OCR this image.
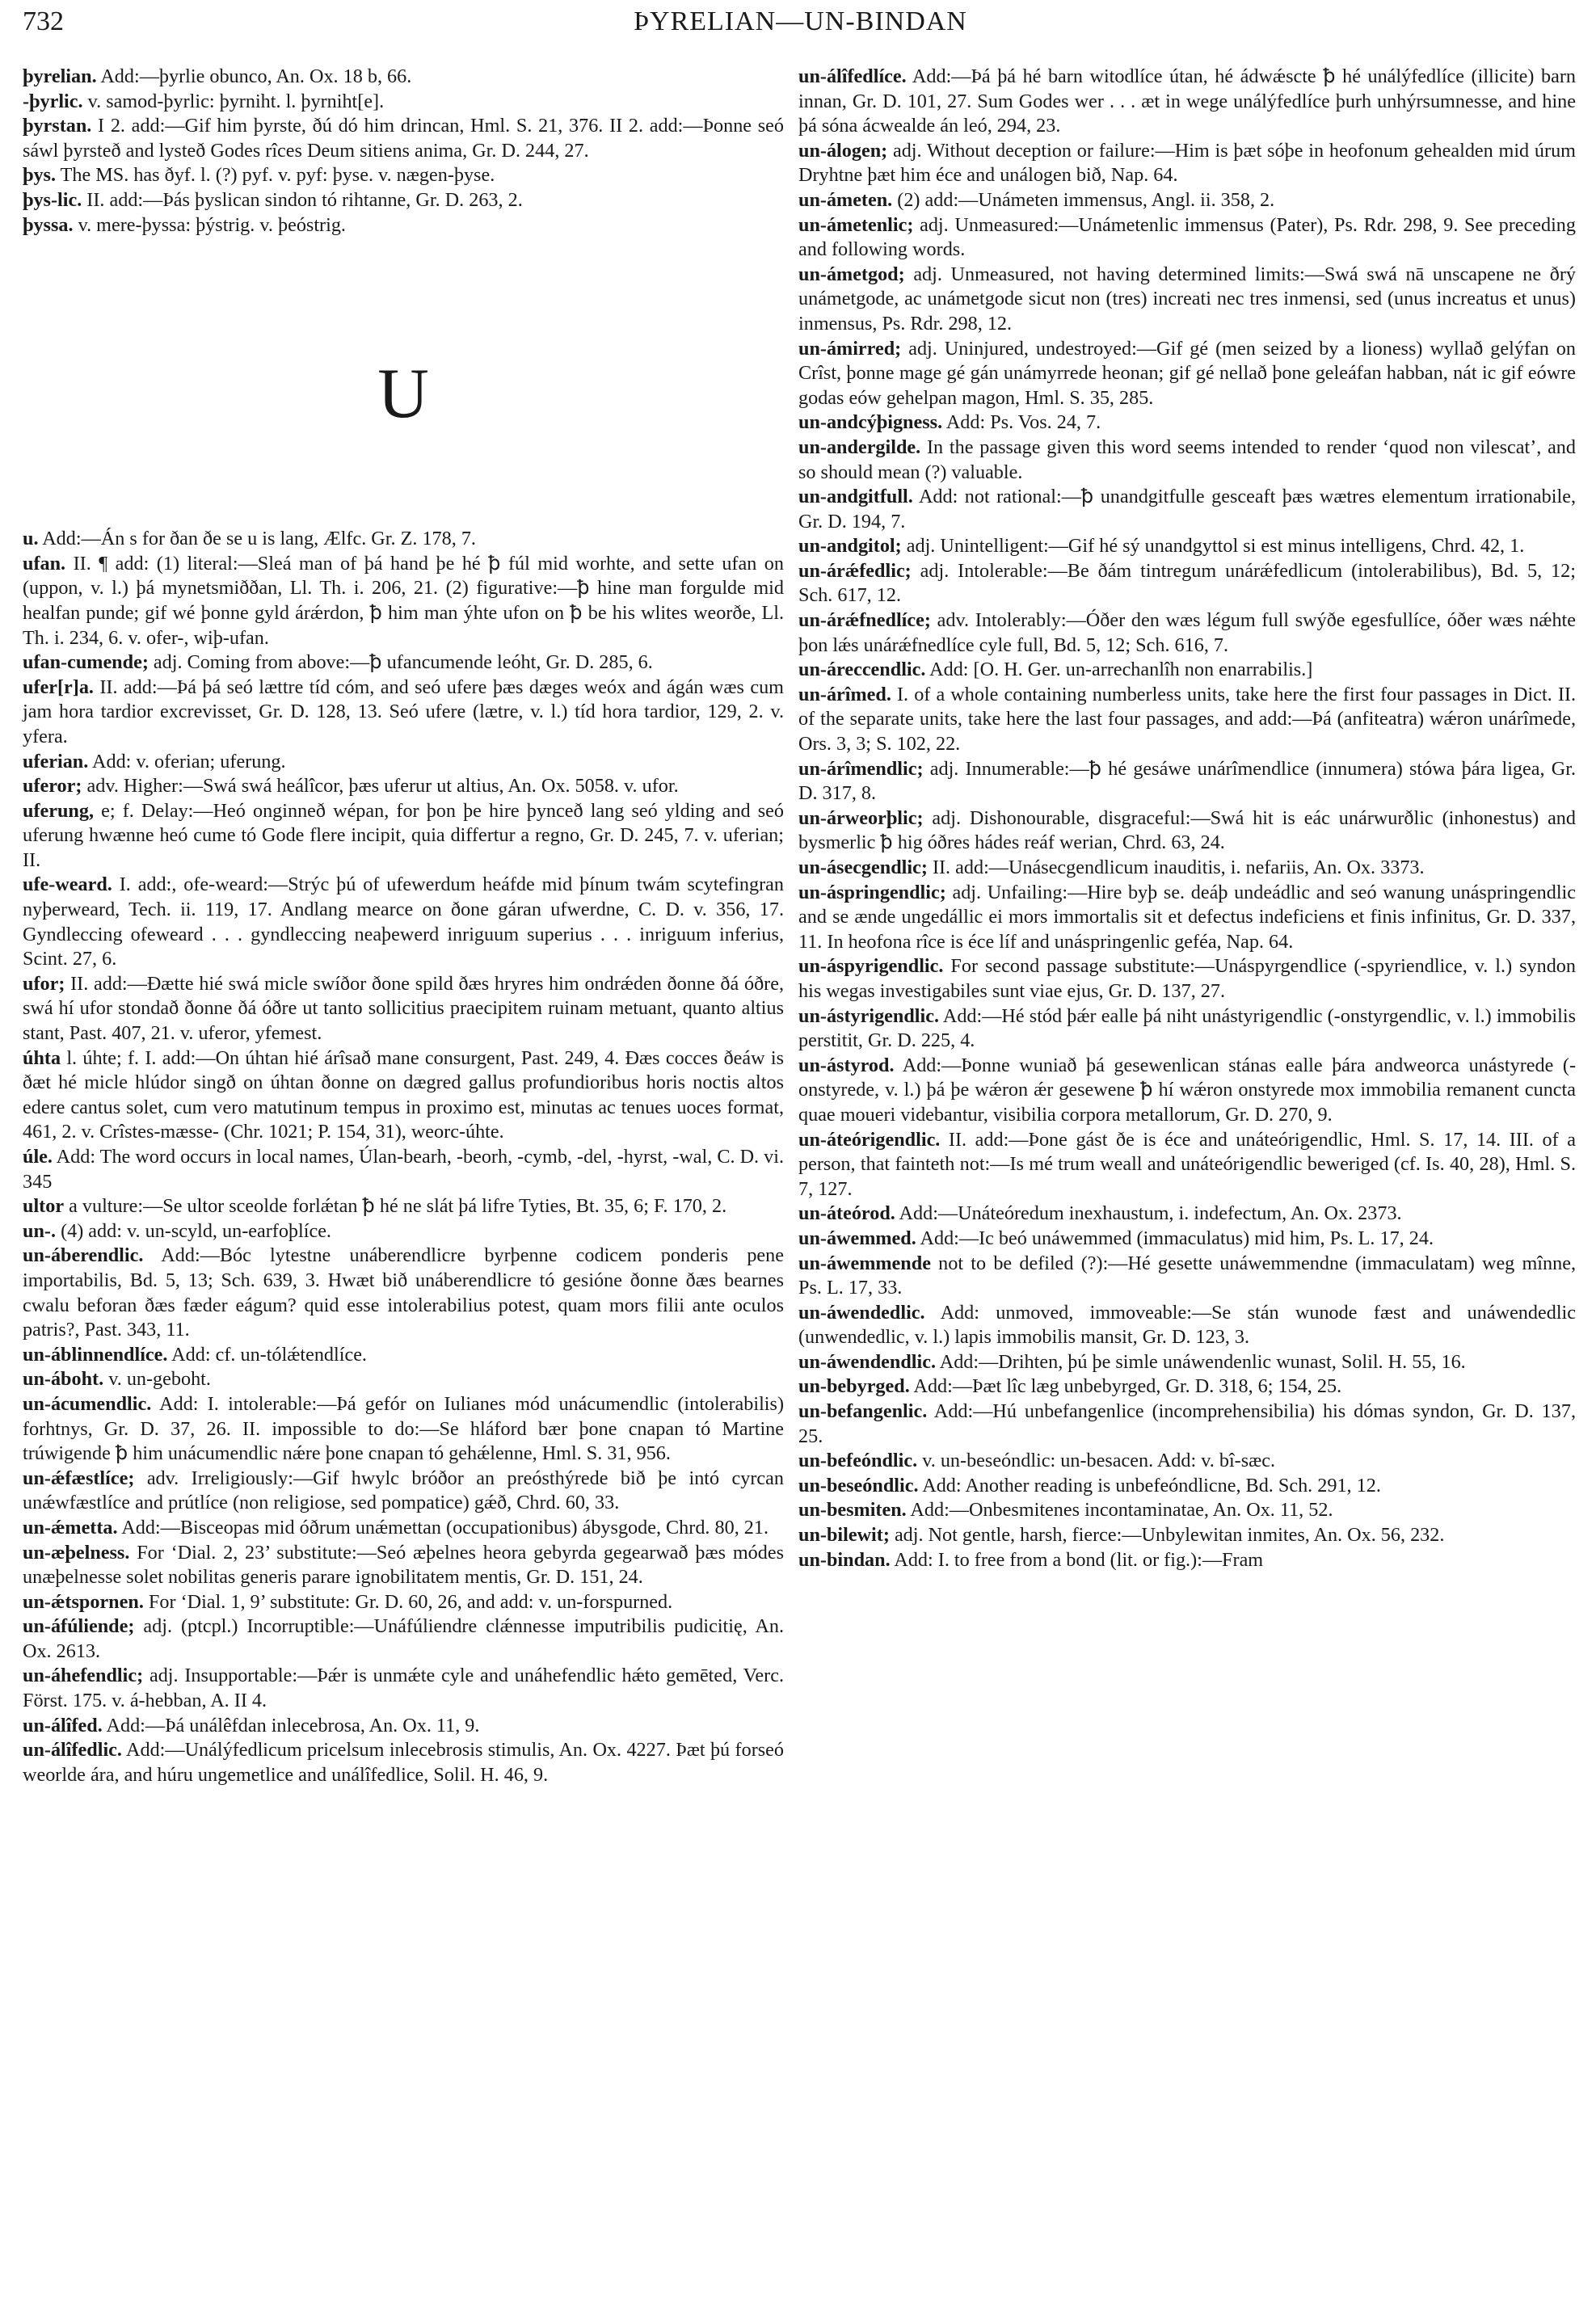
732	ÞYRELIAN—UN-BINDAN

þyrelian. Add:—þyrlie obunco, An. Ox. 18 b, 66.

-þyrlic. v. samod-þyrlic: þyrniht. l. þyrniht[e].

þyrstan. I 2. add:—Gif him þyrste, ðú dó him drincan, Hml. S. 21, 376. II 2. add:—Þonne seó sáwl þyrsteð and lysteð Godes rîces Deum sitiens anima, Gr. D. 244, 27.

þys. The MS. has ðyf. l. (?) pyf. v. pyf: þyse. v. nægen-þyse.

þys-lic. II. add:—Þás þyslican sindon tó rihtanne, Gr. D. 263, 2.

þyssa. v. mere-þyssa: þýstrig. v. þeóstrig.

U

u. Add:—Án s for ðan ðe se u is lang, Ælfc. Gr. Z. 178, 7.

ufan. II. ¶ add: (1) literal:—Sleá man of þá hand þe hé ꝥ fúl mid worhte, and sette ufan on (uppon, v. l.) þá mynetsmiððan, Ll. Th. i. 206, 21. (2) figurative:—ꝥ hine man forgulde mid healfan punde; gif wé þonne gyld árǽrdon, ꝥ him man ýhte ufon on ꝥ be his wlites weorðe, Ll. Th. i. 234, 6. v. ofer-, wiþ-ufan.

ufan-cumende; adj. Coming from above:—ꝥ ufancumende leóht, Gr. D. 285, 6.

ufer[r]a. II. add:—Þá þá seó lættre tíd cóm, and seó ufere þæs dæges weóx and ágán wæs cum jam hora tardior excrevisset, Gr. D. 128, 13. Seó ufere (lætre, v. l.) tíd hora tardior, 129, 2. v. yfera.

uferian. Add: v. oferian; uferung.

uferor; adv. Higher:—Swá swá heálîcor, þæs uferur ut altius, An. Ox. 5058. v. ufor.

uferung, e; f. Delay:—Heó onginneð wépan, for þon þe hire þynceð lang seó ylding and seó uferung hwænne heó cume tó Gode flere incipit, quia differtur a regno, Gr. D. 245, 7. v. uferian; II.

ufe-weard. I. add:, ofe-weard:—Strýc þú of ufewerdum heáfde mid þínum twám scytefingran nyþerweard, Tech. ii. 119, 17. Andlang mearce on ðone gáran ufwerdne, C. D. v. 356, 17. Gyndleccing ofeweard . . . gyndleccing neaþewerd inriguum superius . . . inriguum inferius, Scint. 27, 6.

ufor; II. add:—Ðætte hié swá micle swíðor ðone spild ðæs hryres him ondrǽden ðonne ðá óðre, swá hí ufor stondað ðonne ðá óðre ut tanto sollicitius praecipitem ruinam metuant, quanto altius stant, Past. 407, 21. v. uferor, yfemest.

úhta l. úhte; f. I. add:—On úhtan hié árîsað mane consurgent, Past. 249, 4. Ðæs cocces ðeáw is ðæt hé micle hlúdor singð on úhtan ðonne on dægred gallus profundioribus horis noctis altos edere cantus solet, cum vero matutinum tempus in proximo est, minutas ac tenues uoces format, 461, 2. v. Crîstes-mæsse- (Chr. 1021; P. 154, 31), weorc-úhte.

úle. Add: The word occurs in local names, Úlan-bearh, -beorh, -cymb, -del, -hyrst, -wal, C. D. vi. 345

ultor a vulture:—Se ultor sceolde forlǽtan ꝥ hé ne slát þá lifre Tyties, Bt. 35, 6; F. 170, 2.

un-. (4) add: v. un-scyld, un-earfoþlíce.

un-áberendlic. Add:—Bóc lytestne unáberendlicre byrþenne codicem ponderis pene importabilis, Bd. 5, 13; Sch. 639, 3. Hwæt bið unáberendlicre tó gesióne ðonne ðæs bearnes cwalu beforan ðæs fæder eágum? quid esse intolerabilius potest, quam mors filii ante oculos patris?, Past. 343, 11.

un-áblinnendlíce. Add: cf. un-tólǽtendlíce.

un-áboht. v. un-geboht.

un-ácumendlic. Add: I. intolerable:—Þá gefór on Iulianes mód unácumendlic (intolerabilis) forhtnys, Gr. D. 37, 26. II. impossible to do:—Se hláford bær þone cnapan tó Martine trúwigende ꝥ him unácumendlic nǽre þone cnapan tó gehǽlenne, Hml. S. 31, 956.

un-ǽfæstlíce; adv. Irreligiously:—Gif hwylc bróðor an preósthýrede bið þe intó cyrcan unǽwfæstlíce and prútlíce (non religiose, sed pompatice) gǽð, Chrd. 60, 33.

un-ǽmetta. Add:—Bisceopas mid óðrum unǽmettan (occupationibus) ábysgode, Chrd. 80, 21.

un-æþelness. For ‘Dial. 2, 23’ substitute:—Seó æþelnes heora gebyrda gegearwað þæs módes unæþelnesse solet nobilitas generis parare ignobilitatem mentis, Gr. D. 151, 24.

un-ǽtspornen. For ‘Dial. 1, 9’ substitute: Gr. D. 60, 26, and add: v. un-forspurned.

un-áfúliende; adj. (ptcpl.) Incorruptible:—Unáfúliendre clǽnnesse imputribilis pudicitię, An. Ox. 2613.

un-áhefendlic; adj. Insupportable:—Þǽr is unmǽte cyle and unáhefendlic hǽto gemēted, Verc. Först. 175. v. á-hebban, A. II 4.

un-álîfed. Add:—Þá unálêfdan inlecebrosa, An. Ox. 11, 9.

un-álîfedlic. Add:—Unálýfedlicum pricelsum inlecebrosis stimulis, An. Ox. 4227. Þæt þú forseó weorlde ára, and húru ungemetlice and unálîfedlice, Solil. H. 46, 9.

un-álîfedlíce. Add:—Þá þá hé barn witodlíce útan, hé ádwǽscte ꝥ hé unálýfedlíce (illicite) barn innan, Gr. D. 101, 27. Sum Godes wer . . . æt in wege unálýfedlíce þurh unhýrsumnesse, and hine þá sóna ácwealde án leó, 294, 23.

un-álogen; adj. Without deception or failure:—Him is þæt sóþe in heofonum gehealden mid úrum Dryhtne þæt him éce and unálogen bið, Nap. 64.

un-ámeten. (2) add:—Unámeten immensus, Angl. ii. 358, 2.

un-ámetenlic; adj. Unmeasured:—Unámetenlic immensus (Pater), Ps. Rdr. 298, 9. See preceding and following words.

un-ámetgod; adj. Unmeasured, not having determined limits:—Swá swá nā unscapene ne ðrý unámetgode, ac unámetgode sicut non (tres) increati nec tres inmensi, sed (unus increatus et unus) inmensus, Ps. Rdr. 298, 12.

un-ámirred; adj. Uninjured, undestroyed:—Gif gé (men seized by a lioness) wyllað gelýfan on Crîst, þonne mage gé gán unámyrrede heonan; gif gé nellað þone geleáfan habban, nát ic gif eówre godas eów gehelpan magon, Hml. S. 35, 285.

un-andcýþigness. Add: Ps. Vos. 24, 7.

un-andergilde. In the passage given this word seems intended to render ‘quod non vilescat’, and so should mean (?) valuable.

un-andgitfull. Add: not rational:—ꝥ unandgitfulle gesceaft þæs wætres elementum irrationabile, Gr. D. 194, 7.

un-andgitol; adj. Unintelligent:—Gif hé sý unandgyttol si est minus intelligens, Chrd. 42, 1.

un-árǽfedlic; adj. Intolerable:—Be ðám tintregum unárǽfedlicum (intolerabilibus), Bd. 5, 12; Sch. 617, 12.

un-árǽfnedlíce; adv. Intolerably:—Óðer den wæs légum full swýðe egesfullíce, óðer wæs nǽhte þon lǽs unárǽfnedlíce cyle full, Bd. 5, 12; Sch. 616, 7.

un-áreccendlic. Add: [O. H. Ger. un-arrechanlîh non enarrabilis.]

un-árîmed. I. of a whole containing numberless units, take here the first four passages in Dict. II. of the separate units, take here the last four passages, and add:—Þá (anfiteatra) wǽron unárîmede, Ors. 3, 3; S. 102, 22.

un-árîmendlic; adj. Innumerable:—ꝥ hé gesáwe unárîmendlice (innumera) stówa þára ligea, Gr. D. 317, 8.

un-árweorþlic; adj. Dishonourable, disgraceful:—Swá hit is eác unárwurðlic (inhonestus) and bysmerlic ꝥ hig óðres hádes reáf werian, Chrd. 63, 24.

un-ásecgendlic; II. add:—Unásecgendlicum inauditis, i. nefariis, An. Ox. 3373.

un-áspringendlic; adj. Unfailing:—Hire byþ se. deáþ undeádlic and seó wanung unáspringendlic and se ænde ungedállic ei mors immortalis sit et defectus indeficiens et finis infinitus, Gr. D. 337, 11. In heofona rîce is éce líf and unáspringenlic geféa, Nap. 64.

un-áspyrigendlic. For second passage substitute:—Unáspyrgendlice (-spyriendlice, v. l.) syndon his wegas investigabiles sunt viae ejus, Gr. D. 137, 27.

un-ástyrigendlic. Add:—Hé stód þǽr ealle þá niht unástyrigendlic (-onstyrgendlic, v. l.) immobilis perstitit, Gr. D. 225, 4.

un-ástyrod. Add:—Þonne wuniað þá gesewenlican stánas ealle þára andweorca unástyrede (-onstyrede, v. l.) þá þe wǽron ǽr gesewene ꝥ hí wǽron onstyrede mox immobilia remanent cuncta quae moueri videbantur, visibilia corpora metallorum, Gr. D. 270, 9.

un-áteórigendlic. II. add:—Þone gást ðe is éce and unáteórigendlic, Hml. S. 17, 14. III. of a person, that fainteth not:—Is mé trum weall and unáteórigendlic beweriged (cf. Is. 40, 28), Hml. S. 7, 127.

un-áteórod. Add:—Unáteóredum inexhaustum, i. indefectum, An. Ox. 2373.

un-áwemmed. Add:—Ic beó unáwemmed (immaculatus) mid him, Ps. L. 17, 24.

un-áwemmende not to be defiled (?):—Hé gesette unáwemmendne (immaculatam) weg mînne, Ps. L. 17, 33.

un-áwendedlic. Add: unmoved, immoveable:—Se stán wunode fæst and unáwendedlic (unwendedlic, v. l.) lapis immobilis mansit, Gr. D. 123, 3.

un-áwendendlic. Add:—Drihten, þú þe simle unáwendenlic wunast, Solil. H. 55, 16.

un-bebyrged. Add:—Þæt lîc læg unbebyrged, Gr. D. 318, 6; 154, 25.

un-befangenlic. Add:—Hú unbefangenlice (incomprehensibilia) his dómas syndon, Gr. D. 137, 25.

un-befeóndlic. v. un-beseóndlic: un-besacen. Add: v. bî-sæc.

un-beseóndlic. Add: Another reading is unbefeóndlicne, Bd. Sch. 291, 12.

un-besmiten. Add:—Onbesmitenes incontaminatae, An. Ox. 11, 52.

un-bilewit; adj. Not gentle, harsh, fierce:—Unbylewitan inmites, An. Ox. 56, 232.

un-bindan. Add: I. to free from a bond (lit. or fig.):—Fram
